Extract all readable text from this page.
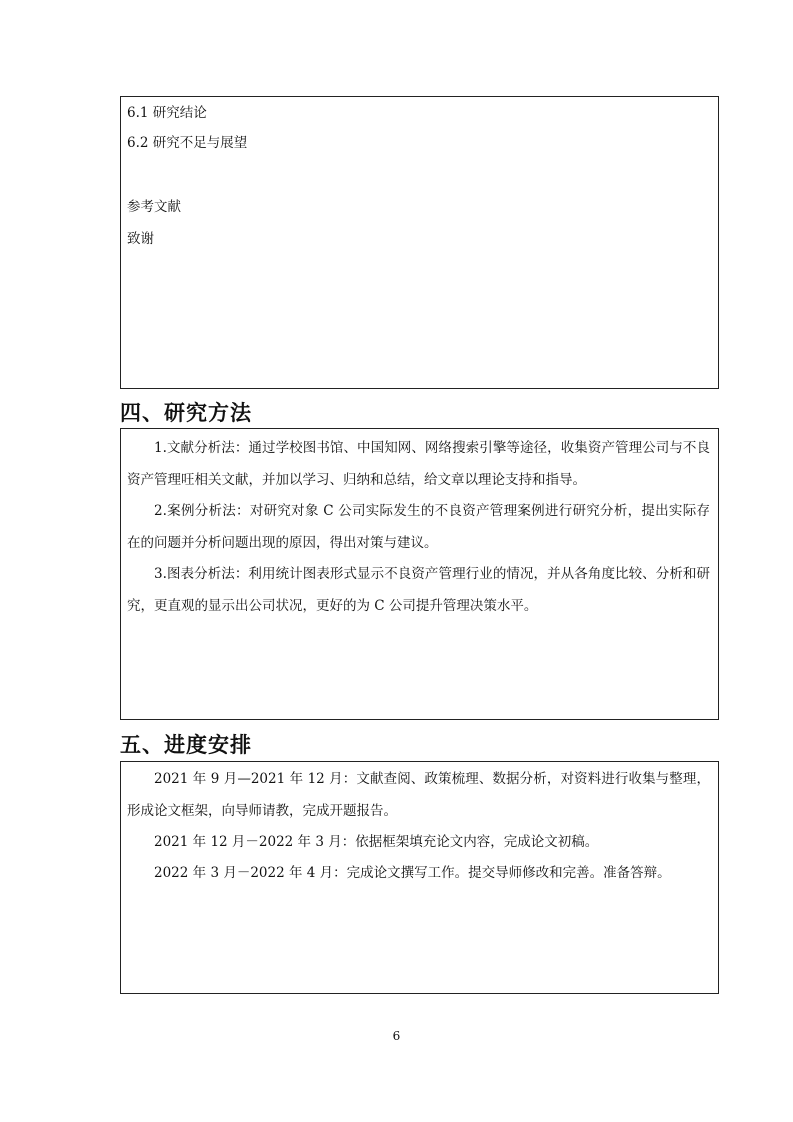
6.1 研究结论
6.2 研究不足与展望
参考文献
致谢
四、研究方法
1.文献分析法：通过学校图书馆、中国知网、网络搜索引擎等途径，收集资产管理公司与不良资产管理㕵相关文献，并加以学习、归纳和总结，给文章以理论支持和指导。
2.案例分析法：对研究对象 C 公司实际发生的不良资产管理案例进行研究分析，提出实际存在的问题并分析问题出现的原因，得出对策与建议。
3.图表分析法：利用统计图表形式显示不良资产管理行业的情况，并从各角度比较、分析和研究，更直观的显示出公司状况，更好的为 C 公司提升管理决策水平。
五、进度安排
2021 年 9 月—2021 年 12 月：文献查阅、政策梳理、数据分析，对资料进行收集与整理，形成论文框架，向导师请教，完成开题报告。
2021 年 12 月－2022 年 3 月：依据框架填充论文内容，完成论文初稿。
2022 年 3 月－2022 年 4 月：完成论文撰写工作。提交导师修改和完善。准备答辩。
6
